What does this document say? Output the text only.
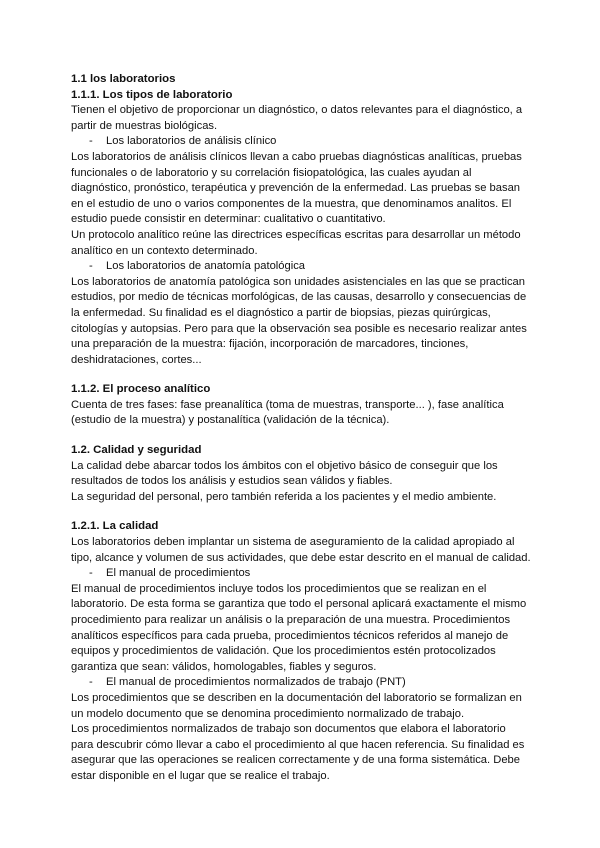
1.1 los laboratorios
1.1.1. Los tipos de laboratorio

Tienen el objetivo de proporcionar un diagnóstico, o datos relevantes para el diagnóstico, a partir de muestras biológicas.

- Los laboratorios de análisis clínico

Los laboratorios de análisis clínicos llevan a cabo pruebas diagnósticas analíticas, pruebas funcionales o de laboratorio y su correlación fisiopatológica, las cuales ayudan al diagnóstico, pronóstico, terapéutica y prevención de la enfermedad. Las pruebas se basan en el estudio de uno o varios componentes de la muestra, que denominamos analitos. El estudio puede consistir en determinar: cualitativo o cuantitativo.

Un protocolo analítico reúne las directrices específicas escritas para desarrollar un método analítico en un contexto determinado.

- Los laboratorios de anatomía patológica

Los laboratorios de anatomía patológica son unidades asistenciales en las que se practican estudios, por medio de técnicas morfológicas, de las causas, desarrollo y consecuencias de la enfermedad. Su finalidad es el diagnóstico a partir de biopsias, piezas quirúrgicas, citologías y autopsias. Pero para que la observación sea posible es necesario realizar antes una preparación de la muestra: fijación, incorporación de marcadores, tinciones, deshidrataciones, cortes...

1.1.2. El proceso analítico

Cuenta de tres fases: fase preanalítica (toma de muestras, transporte... ), fase analítica (estudio de la muestra) y postanalítica (validación de la técnica).

1.2. Calidad y seguridad

La calidad debe abarcar todos los ámbitos con el objetivo básico de conseguir que los resultados de todos los análisis y estudios sean válidos y fiables.

La seguridad del personal, pero también referida a los pacientes y el medio ambiente.

1.2.1. La calidad

Los laboratorios deben implantar un sistema de aseguramiento de la calidad apropiado al tipo, alcance y volumen de sus actividades, que debe estar descrito en el manual de calidad.

- El manual de procedimientos

El manual de procedimientos incluye todos los procedimientos que se realizan en el laboratorio. De esta forma se garantiza que todo el personal aplicará exactamente el mismo procedimiento para realizar un análisis o la preparación de una muestra. Procedimientos analíticos específicos para cada prueba, procedimientos técnicos referidos al manejo de equipos y procedimientos de validación. Que los procedimientos estén protocolizados garantiza que sean: válidos, homologables, fiables y seguros.

- El manual de procedimientos normalizados de trabajo (PNT)

Los procedimientos que se describen en la documentación del laboratorio se formalizan en un modelo documento que se denomina procedimiento normalizado de trabajo.

Los procedimientos normalizados de trabajo son documentos que elabora el laboratorio para descubrir cómo llevar a cabo el procedimiento al que hacen referencia. Su finalidad es asegurar que las operaciones se realicen correctamente y de una forma sistemática. Debe estar disponible en el lugar que se realice el trabajo.
